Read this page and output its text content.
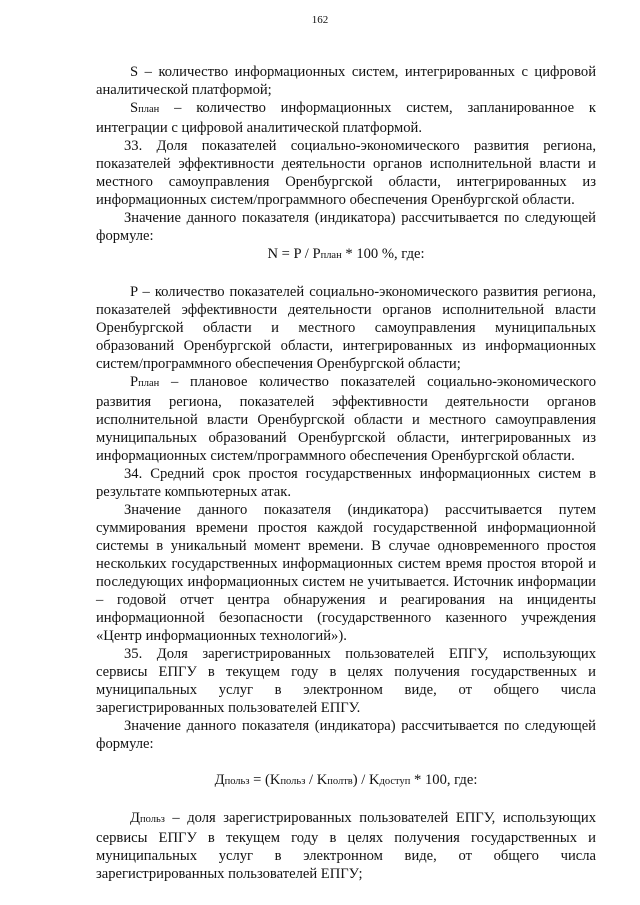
162

S – количество информационных систем, интегрированных с цифровой аналитической платформой;

Sплан – количество информационных систем, запланированное к интеграции с цифровой аналитической платформой.

33. Доля показателей социально-экономического развития региона, показателей эффективности деятельности органов исполнительной власти и местного самоуправления Оренбургской области, интегрированных из информационных систем/программного обеспечения Оренбургской области.

Значение данного показателя (индикатора) рассчитывается по следующей формуле:

N = P / Pплан * 100 %, где:

P – количество показателей социально-экономического развития региона, показателей эффективности деятельности органов исполнительной власти Оренбургской области и местного самоуправления муниципальных образований Оренбургской области, интегрированных из информационных систем/программного обеспечения Оренбургской области;

Pплан – плановое количество показателей социально-экономического развития региона, показателей эффективности деятельности органов исполнительной власти Оренбургской области и местного самоуправления муниципальных образований Оренбургской области, интегрированных из информационных систем/программного обеспечения Оренбургской области.

34. Средний срок простоя государственных информационных систем в результате компьютерных атак.

Значение данного показателя (индикатора) рассчитывается путем суммирования времени простоя каждой государственной информационной системы в уникальный момент времени. В случае одновременного простоя нескольких государственных информационных систем время простоя второй и последующих информационных систем не учитывается. Источник информации – годовой отчет центра обнаружения и реагирования на инциденты информационной безопасности (государственного казенного учреждения «Центр информационных технологий»).

35. Доля зарегистрированных пользователей ЕПГУ, использующих сервисы ЕПГУ в текущем году в целях получения государственных и муниципальных услуг в электронном виде, от общего числа зарегистрированных пользователей ЕПГУ.

Значение данного показателя (индикатора) рассчитывается по следующей формуле:

Дпольз = (Kпольз / Kполтв) / Kдоступ * 100, где:

Дпольз – доля зарегистрированных пользователей ЕПГУ, использующих сервисы ЕПГУ в текущем году в целях получения государственных и муниципальных услуг в электронном виде, от общего числа зарегистрированных пользователей ЕПГУ;
